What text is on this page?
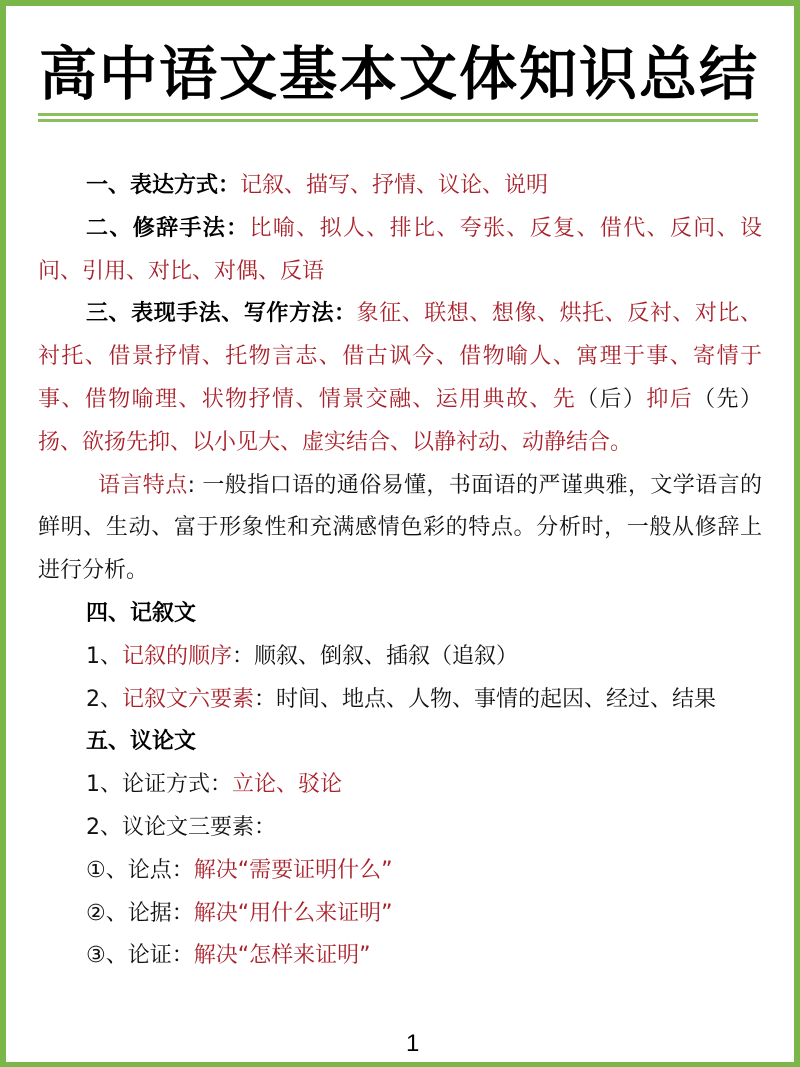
高中语文基本文体知识总结

一、表达方式：记叙、描写、抒情、议论、说明

二、修辞手法：比喻、拟人、排比、夸张、反复、借代、反问、设问、引用、对比、对偶、反语

三、表现手法、写作方法：象征、联想、想像、烘托、反衬、对比、衬托、借景抒情、托物言志、借古讽今、借物喻人、寓理于事、寄情于事、借物喻理、状物抒情、情景交融、运用典故、先（后）抑后（先）扬、欲扬先抑、以小见大、虚实结合、以静衬动、动静结合。

语言特点: 一般指口语的通俗易懂，书面语的严谨典雅，文学语言的鲜明、生动、富于形象性和充满感情色彩的特点。分析时，一般从修辞上进行分析。

四、记叙文

1、记叙的顺序：顺叙、倒叙、插叙（追叙）

2、记叙文六要素：时间、地点、人物、事情的起因、经过、结果

五、议论文

1、论证方式：立论、驳论

2、议论文三要素：

①、论点：解决“需要证明什么”

②、论据：解决“用什么来证明”

③、论证：解决“怎样来证明”

1
